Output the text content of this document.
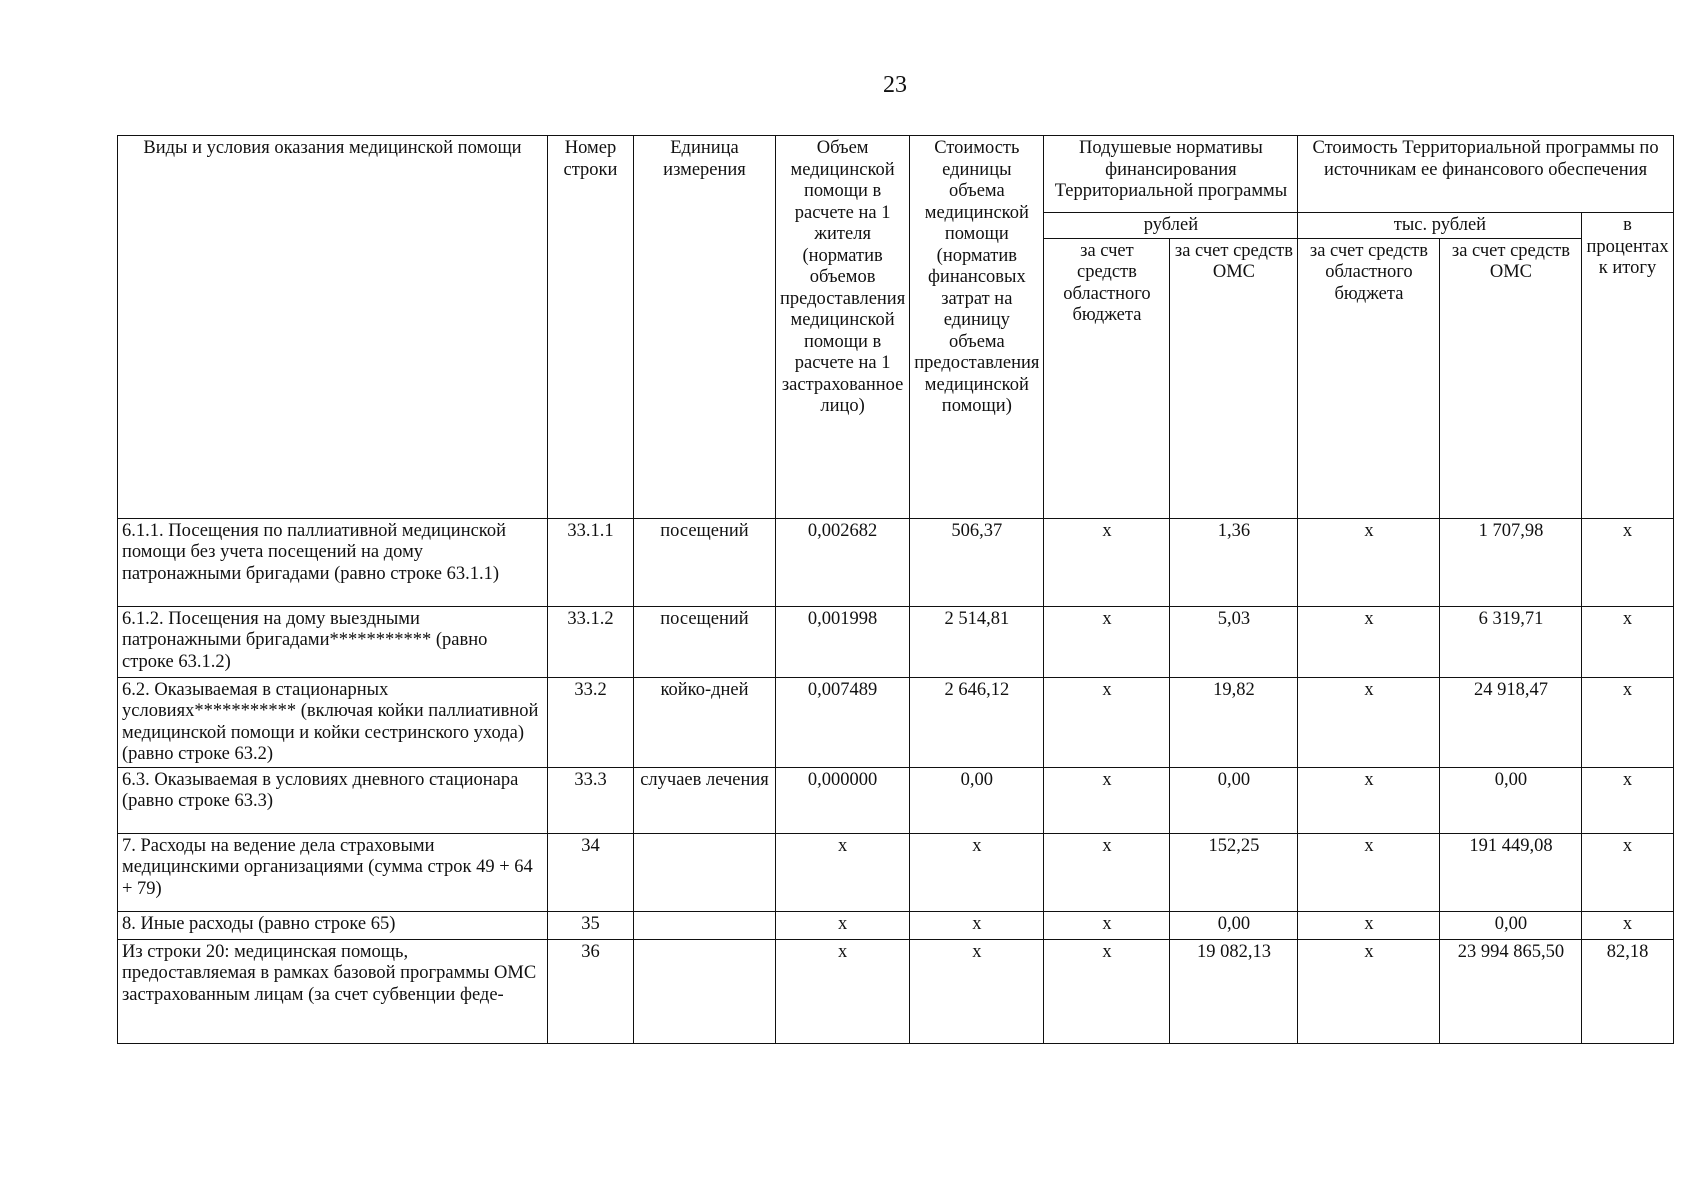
23
Виды и условия оказания медицинской помощи	Номер строки	Единица измерения	Объем медицинской помощи в расчете на 1 жителя (норматив объемов предоставления медицинской помощи в расчете на 1 застрахованное лицо)	Стоимость единицы объема медицинской помощи (норматив финансовых затрат на единицу объема предоставления медицинской помощи)	Подушевые нормативы финансирования Территориальной программы		Стоимость Территориальной программы по источникам ее финансового обеспечения		
					рублей		тыс. рублей		в процентах к итогу
					за счет средств областного бюджета	за счет средств ОМС	за счет средств областного бюджета	за счет средств ОМС	
6.1.1. Посещения по паллиативной медицинской помощи без учета посещений на дому патронажными бригадами (равно строке 63.1.1)	33.1.1	посещений	0,002682	506,37	х	1,36	х	1 707,98	х
6.1.2. Посещения на дому выездными патронажными бригадами*********** (равно строке 63.1.2)	33.1.2	посещений	0,001998	2 514,81	х	5,03	х	6 319,71	х
6.2. Оказываемая в стационарных условиях*********** (включая койки паллиативной медицинской помощи и койки сестринского ухода) (равно строке 63.2)	33.2	койко-дней	0,007489	2 646,12	х	19,82	х	24 918,47	х
6.3. Оказываемая в условиях дневного стационара (равно строке 63.3)	33.3	случаев лечения	0,000000	0,00	х	0,00	х	0,00	х
7. Расходы на ведение дела страховыми медицинскими организациями (сумма строк 49 + 64 + 79)	34		х	х	х	152,25	х	191 449,08	х
8. Иные расходы (равно строке 65)	35		х	х	х	0,00	х	0,00	х
Из строки 20: медицинская помощь, предоставляемая в рамках базовой программы ОМС застрахованным лицам (за счет субвенции феде-	36		х	х	х	19 082,13	х	23 994 865,50	82,18
